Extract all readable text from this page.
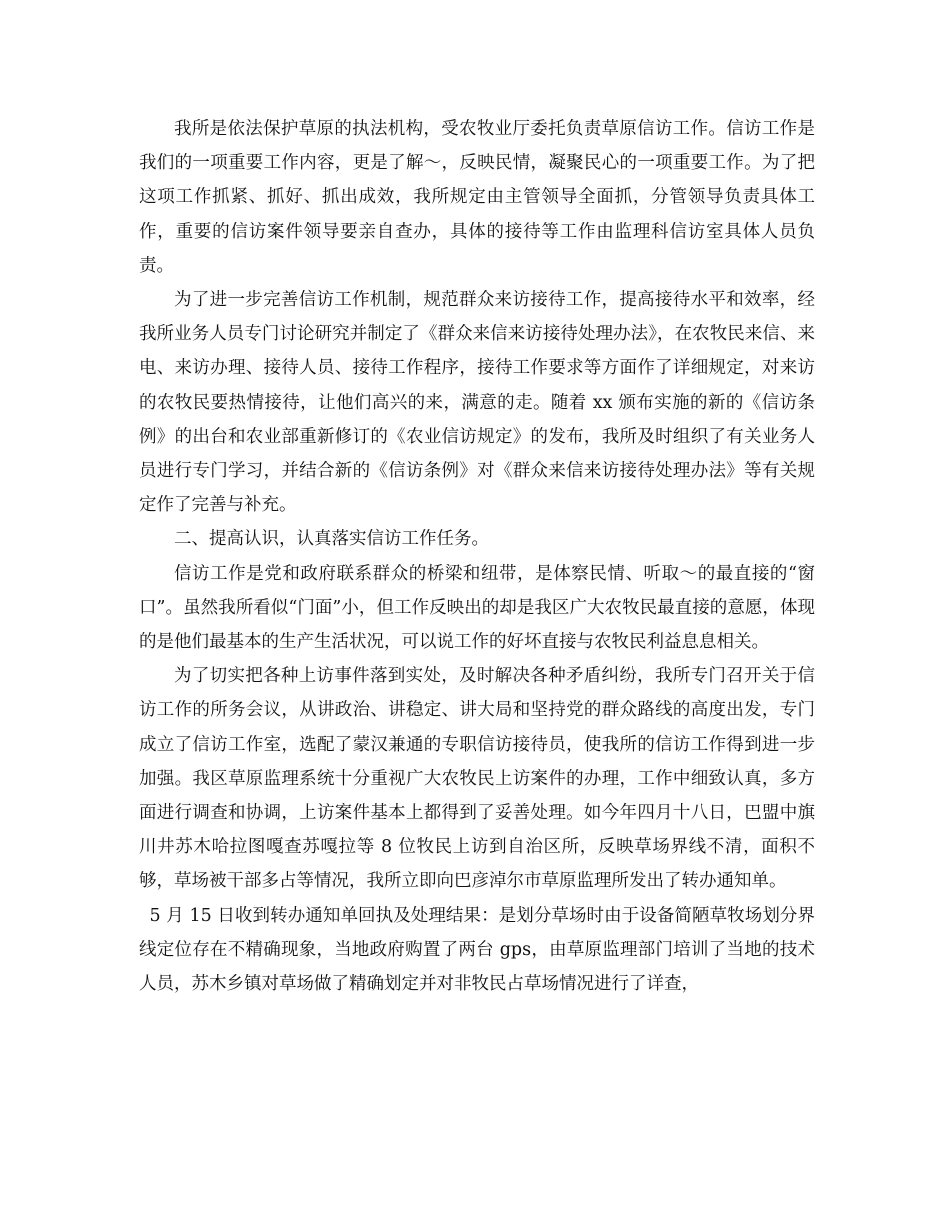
我所是依法保护草原的执法机构，受农牧业厅委托负责草原信访工作。信访工作是我们的一项重要工作内容，更是了解～，反映民情，凝聚民心的一项重要工作。为了把这项工作抓紧、抓好、抓出成效，我所规定由主管领导全面抓，分管领导负责具体工作，重要的信访案件领导要亲自查办，具体的接待等工作由监理科信访室具体人员负责。

为了进一步完善信访工作机制，规范群众来访接待工作，提高接待水平和效率，经我所业务人员专门讨论研究并制定了《群众来信来访接待处理办法》，在农牧民来信、来电、来访办理、接待人员、接待工作程序，接待工作要求等方面作了详细规定，对来访的农牧民要热情接待，让他们高兴的来，满意的走。随着 xx 颁布实施的新的《信访条例》的出台和农业部重新修订的《农业信访规定》的发布，我所及时组织了有关业务人员进行专门学习，并结合新的《信访条例》对《群众来信来访接待处理办法》等有关规定作了完善与补充。

二、提高认识，认真落实信访工作任务。

信访工作是党和政府联系群众的桥梁和纽带，是体察民情、听取～的最直接的“窗口”。虽然我所看似“门面”小，但工作反映出的却是我区广大农牧民最直接的意愿，体现的是他们最基本的生产生活状况，可以说工作的好坏直接与农牧民利益息息相关。

为了切实把各种上访事件落到实处，及时解决各种矛盾纠纷，我所专门召开关于信访工作的所务会议，从讲政治、讲稳定、讲大局和坚持党的群众路线的高度出发，专门成立了信访工作室，选配了蒙汉兼通的专职信访接待员，使我所的信访工作得到进一步加强。我区草原监理系统十分重视广大农牧民上访案件的办理，工作中细致认真，多方面进行调查和协调，上访案件基本上都得到了妥善处理。如今年四月十八日，巴盟中旗川井苏木哈拉图嘎查苏嘎拉等 8 位牧民上访到自治区所，反映草场界线不清，面积不够，草场被干部多占等情况，我所立即向巴彦淖尔市草原监理所发出了转办通知单。

5 月 15 日收到转办通知单回执及处理结果：是划分草场时由于设备简陋草牧场划分界线定位存在不精确现象，当地政府购置了两台 gps，由草原监理部门培训了当地的技术人员，苏木乡镇对草场做了精确划定并对非牧民占草场情况进行了详查，
